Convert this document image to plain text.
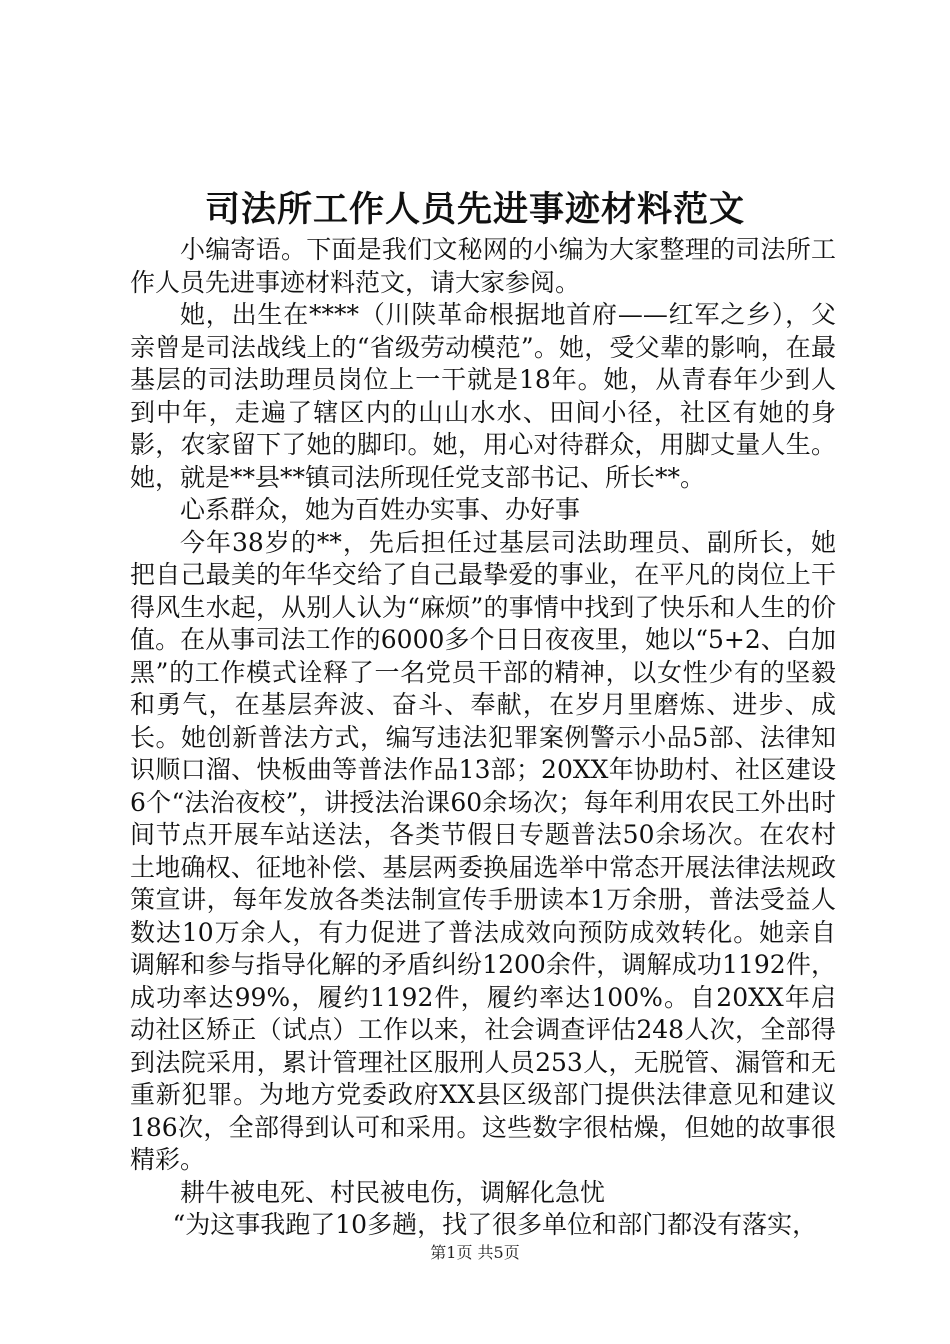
司法所工作人员先进事迹材料范文

小编寄语。下面是我们文秘网的小编为大家整理的司法所工作人员先进事迹材料范文，请大家参阅。

她，出生在****（川陕革命根据地首府——红军之乡），父亲曾是司法战线上的“省级劳动模范”。她，受父辈的影响，在最基层的司法助理员岗位上一干就是18年。她，从青春年少到人到中年，走遍了辖区内的山山水水、田间小径，社区有她的身影，农家留下了她的脚印。她，用心对待群众，用脚丈量人生。她，就是**县**镇司法所现任党支部书记、所长**。

心系群众，她为百姓办实事、办好事

今年38岁的**，先后担任过基层司法助理员、副所长，她把自己最美的年华交给了自己最挚爱的事业，在平凡的岗位上干得风生水起，从别人认为“麻烦”的事情中找到了快乐和人生的价值。在从事司法工作的6000多个日日夜夜里，她以“5+2、白加黑”的工作模式诠释了一名党员干部的精神，以女性少有的坚毅和勇气，在基层奔波、奋斗、奉献，在岁月里磨炼、进步、成长。她创新普法方式，编写违法犯罪案例警示小品5部、法律知识顺口溜、快板曲等普法作品13部；20XX年协助村、社区建设6个“法治夜校”，讲授法治课60余场次；每年利用农民工外出时间节点开展车站送法，各类节假日专题普法50余场次。在农村土地确权、征地补偿、基层两委换届选举中常态开展法律法规政策宣讲，每年发放各类法制宣传手册读本1万余册，普法受益人数达10万余人，有力促进了普法成效向预防成效转化。她亲自调解和参与指导化解的矛盾纠纷1200余件，调解成功1192件，成功率达99%，履约1192件，履约率达100%。自20XX年启动社区矫正（试点）工作以来，社会调查评估248人次，全部得到法院采用，累计管理社区服刑人员253人，无脱管、漏管和无重新犯罪。为地方党委政府XX县区级部门提供法律意见和建议186次，全部得到认可和采用。这些数字很枯燥，但她的故事很精彩。

耕牛被电死、村民被电伤，调解化急忧

“为这事我跑了10多趟，找了很多单位和部门都没有落实，

第1页 共5页
